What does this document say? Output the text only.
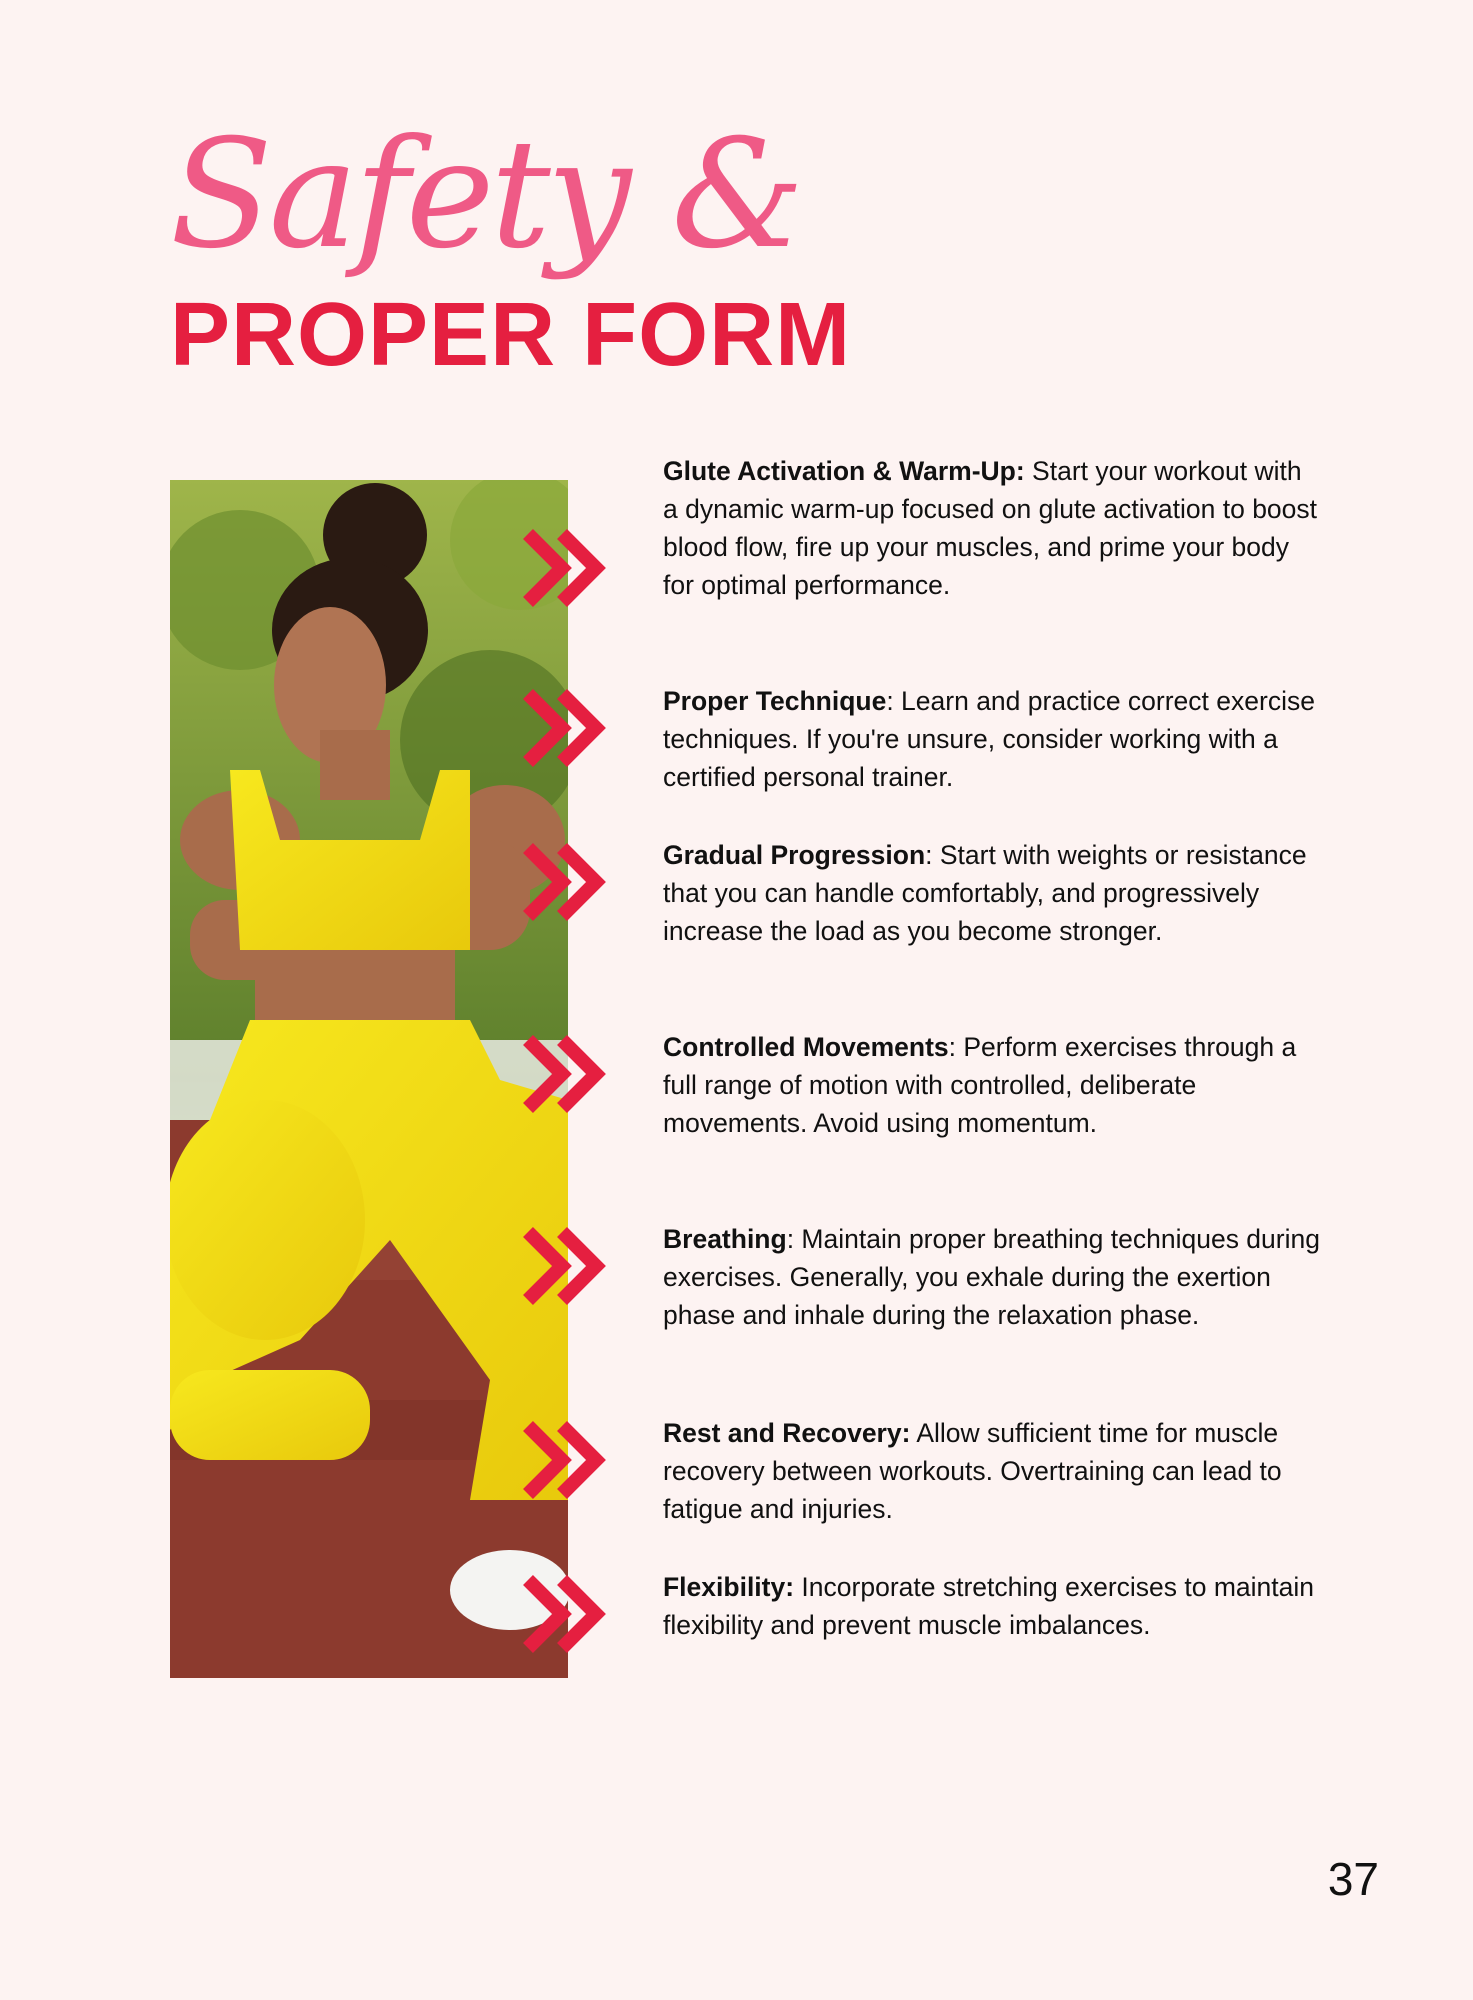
Safety &
PROPER FORM
Glute Activation & Warm-Up: Start your workout with a dynamic warm-up focused on glute activation to boost blood flow, fire up your muscles, and prime your body for optimal performance.
Proper Technique: Learn and practice correct exercise techniques. If you're unsure, consider working with a certified personal trainer.
Gradual Progression: Start with weights or resistance that you can handle comfortably, and progressively increase the load as you become stronger.
Controlled Movements: Perform exercises through a full range of motion with controlled, deliberate movements. Avoid using momentum.
Breathing: Maintain proper breathing techniques during exercises. Generally, you exhale during the exertion phase and inhale during the relaxation phase.
Rest and Recovery: Allow sufficient time for muscle recovery between workouts. Overtraining can lead to fatigue and injuries.
Flexibility: Incorporate stretching exercises to maintain flexibility and prevent muscle imbalances.
37
